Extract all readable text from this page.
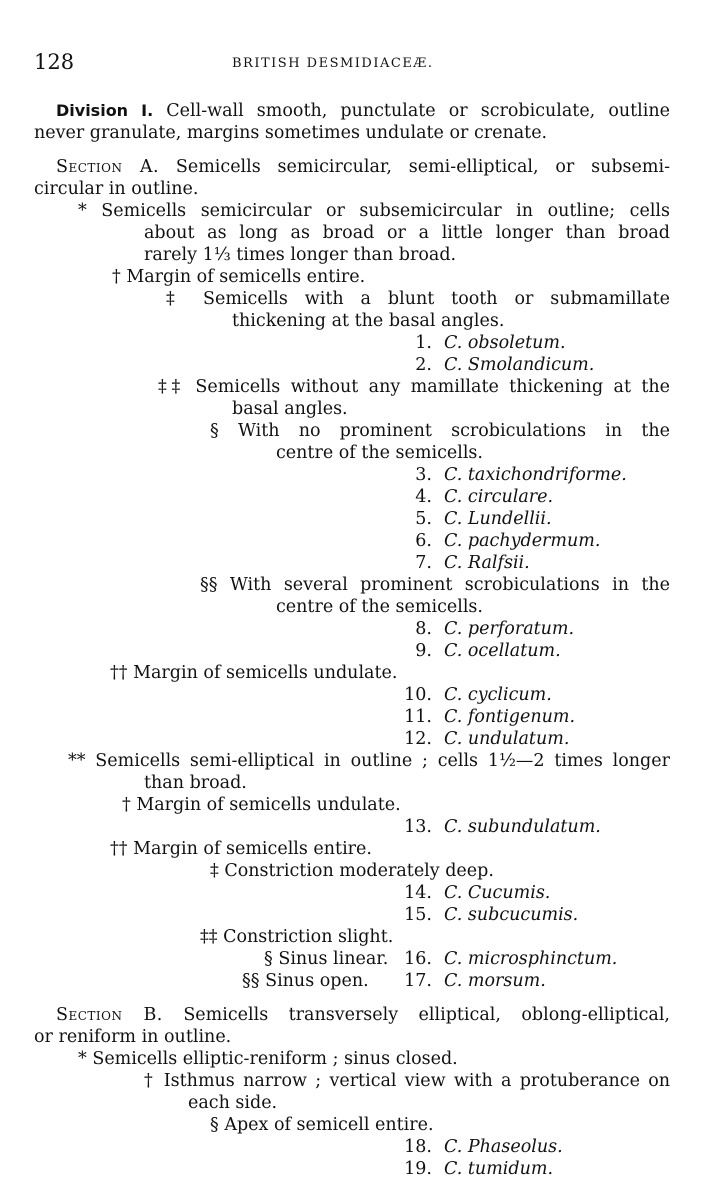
128	BRITISH DESMIDIACEÆ.
Division I. Cell-wall smooth, punctulate or scrobiculate, outline
never granulate, margins sometimes undulate or crenate.
Section A. Semicells semicircular, semi-elliptical, or subsemi-
circular in outline.
* Semicells semicircular or subsemicircular in outline; cells
about as long as broad or a little longer than broad
rarely 1⅓ times longer than broad.
† Margin of semicells entire.
‡ Semicells with a blunt tooth or submamillate
thickening at the basal angles.
1. C. obsoletum.
2. C. Smolandicum.
‡‡ Semicells without any mamillate thickening at the
basal angles.
§ With no prominent scrobiculations in the
centre of the semicells.
3. C. taxichondriforme.
4. C. circulare.
5. C. Lundellii.
6. C. pachydermum.
7. C. Ralfsii.
§§ With several prominent scrobiculations in the
centre of the semicells.
8. C. perforatum.
9. C. ocellatum.
†† Margin of semicells undulate.
10. C. cyclicum.
11. C. fontigenum.
12. C. undulatum.
** Semicells semi-elliptical in outline ; cells 1½—2 times longer
than broad.
† Margin of semicells undulate.
13. C. subundulatum.
†† Margin of semicells entire.
‡ Constriction moderately deep.
14. C. Cucumis.
15. C. subcucumis.
‡‡ Constriction slight.
§ Sinus linear. 16. C. microsphinctum.
§§ Sinus open.	17. C. morsum.
Section B. Semicells transversely elliptical, oblong-elliptical,
or reniform in outline.
* Semicells elliptic-reniform ; sinus closed.
† Isthmus narrow ; vertical view with a protuberance on
each side.
§ Apex of semicell entire.
18. C. Phaseolus.
19. C. tumidum.
